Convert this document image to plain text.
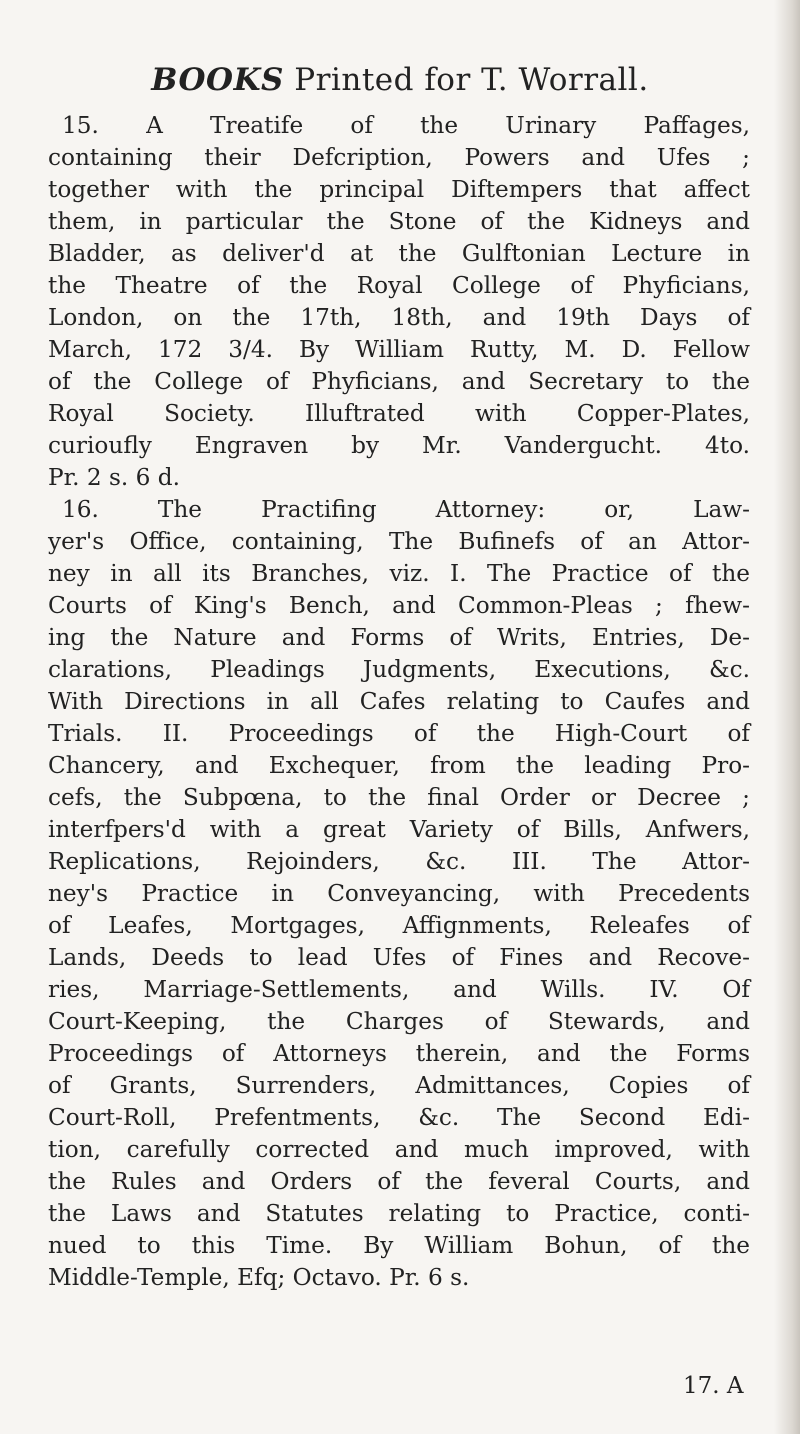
BOOKS Printed for T. Worrall.
15. A Treatife of the Urinary Paffages,
containing their Defcription, Powers and Ufes ;
together with the principal Diftempers that affect
them, in particular the Stone of the Kidneys and
Bladder, as deliver'd at the Gulftonian Lecture in
the Theatre of the Royal College of Phyficians,
London, on the 17th, 18th, and 19th Days of
March, 172 3/4. By William Rutty, M. D. Fellow
of the College of Phyficians, and Secretary to the
Royal Society. Illuftrated with Copper-Plates,
curioufly Engraven by Mr. Vandergucht. 4to.
Pr. 2 s. 6 d.
16. The Practifing Attorney: or, Law-
yer's Office, containing, The Bufinefs of an Attor-
ney in all its Branches, viz. I. The Practice of the
Courts of King's Bench, and Common-Pleas ; fhew-
ing the Nature and Forms of Writs, Entries, De-
clarations, Pleadings Judgments, Executions, &c.
With Directions in all Cafes relating to Caufes and
Trials. II. Proceedings of the High-Court of
Chancery, and Exchequer, from the leading Pro-
cefs, the Subpœna, to the final Order or Decree ;
interfpers'd with a great Variety of Bills, Anfwers,
Replications, Rejoinders, &c. III. The Attor-
ney's Practice in Conveyancing, with Precedents
of Leafes, Mortgages, Affignments, Releafes of
Lands, Deeds to lead Ufes of Fines and Recove-
ries, Marriage-Settlements, and Wills. IV. Of
Court-Keeping, the Charges of Stewards, and
Proceedings of Attorneys therein, and the Forms
of Grants, Surrenders, Admittances, Copies of
Court-Roll, Prefentments, &c. The Second Edi-
tion, carefully corrected and much improved, with
the Rules and Orders of the feveral Courts, and
the Laws and Statutes relating to Practice, conti-
nued to this Time. By William Bohun, of the
Middle-Temple, Efq; Octavo. Pr. 6 s.
17. A
